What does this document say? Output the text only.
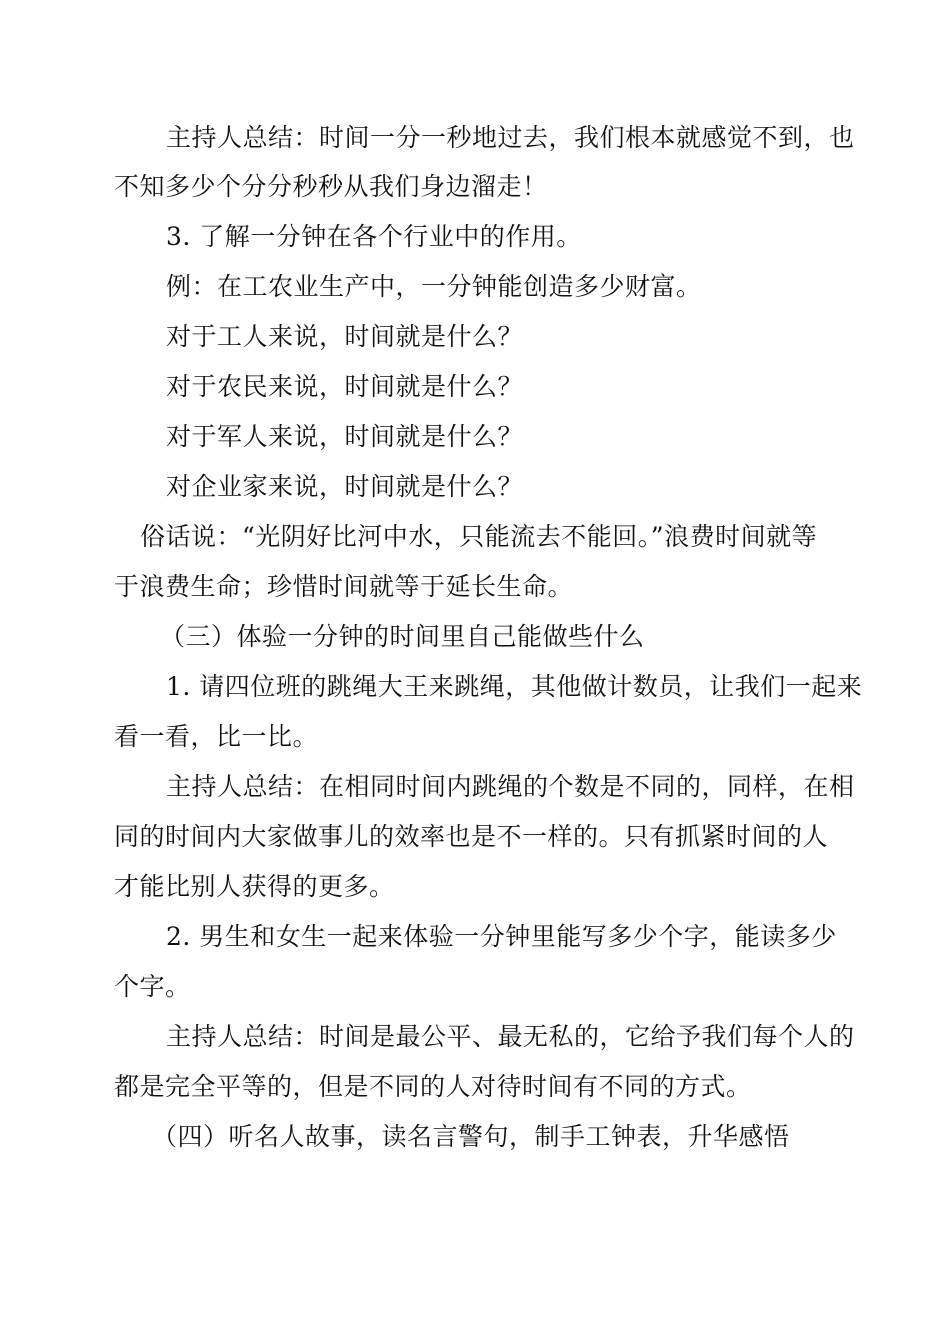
主持人总结：时间一分一秒地过去，我们根本就感觉不到，也
不知多少个分分秒秒从我们身边溜走！
3. 了解一分钟在各个行业中的作用。
例：在工农业生产中，一分钟能创造多少财富。
对于工人来说，时间就是什么？
对于农民来说，时间就是什么？
对于军人来说，时间就是什么？
对企业家来说，时间就是什么？
俗话说：“光阴好比河中水，只能流去不能回。”浪费时间就等
于浪费生命；珍惜时间就等于延长生命。
（三）体验一分钟的时间里自己能做些什么
1. 请四位班的跳绳大王来跳绳，其他做计数员，让我们一起来
看一看，比一比。
主持人总结：在相同时间内跳绳的个数是不同的，同样，在相
同的时间内大家做事儿的效率也是不一样的。只有抓紧时间的人
才能比别人获得的更多。
2. 男生和女生一起来体验一分钟里能写多少个字，能读多少
个字。
主持人总结：时间是最公平、最无私的，它给予我们每个人的
都是完全平等的，但是不同的人对待时间有不同的方式。
（四）听名人故事，读名言警句，制手工钟表，升华感悟
